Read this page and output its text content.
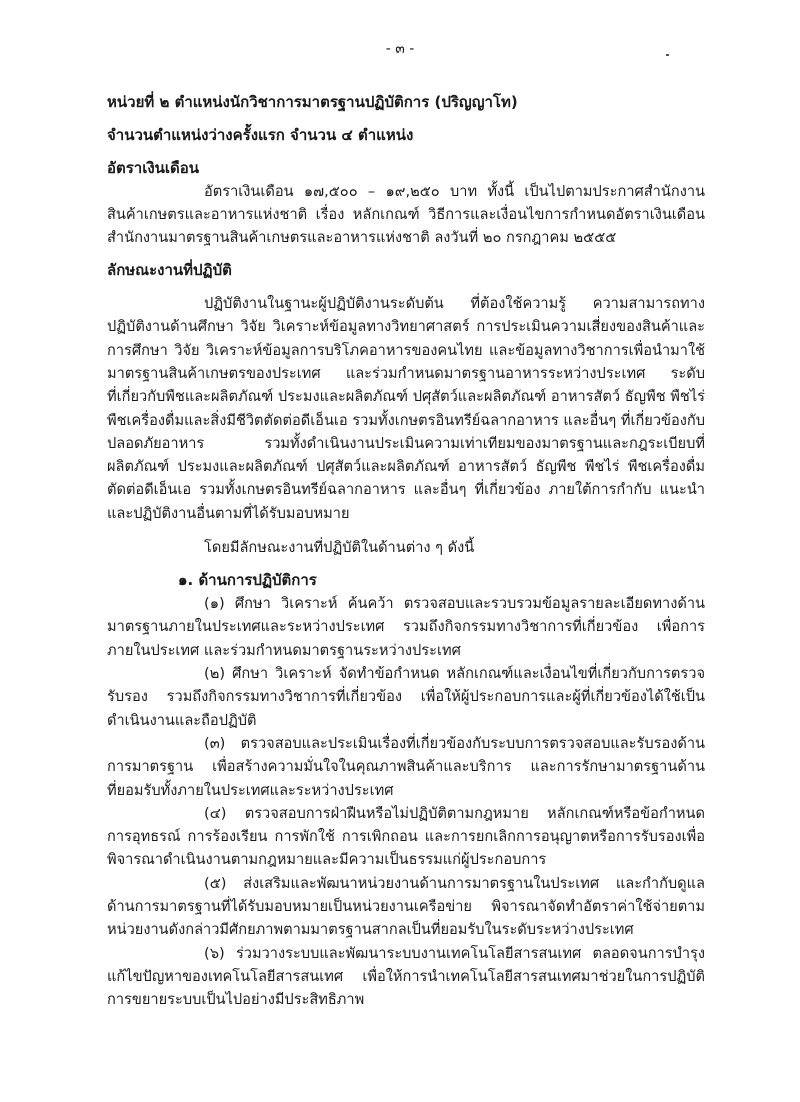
- ๓ -
หน่วยที่ ๒ ตำแหน่งนักวิชาการมาตรฐานปฏิบัติการ (ปริญญาโท)
จำนวนตำแหน่งว่างครั้งแรก จำนวน ๔ ตำแหน่ง
อัตราเงินเดือน
อัตราเงินเดือน ๑๗,๕๐๐ – ๑๙,๒๕๐ บาท ทั้งนี้ เป็นไปตามประกาศสำนักงาน
สินค้าเกษตรและอาหารแห่งชาติ เรื่อง หลักเกณฑ์ วิธีการและเงื่อนไขการกำหนดอัตราเงินเดือน
สำนักงานมาตรฐานสินค้าเกษตรและอาหารแห่งชาติ ลงวันที่ ๒๐ กรกฎาคม ๒๕๕๕
ลักษณะงานที่ปฏิบัติ
ปฏิบัติงานในฐานะผู้ปฏิบัติงานระดับต้น ที่ต้องใช้ความรู้ ความสามารถทาง
ปฏิบัติงานด้านศึกษา วิจัย วิเคราะห์ข้อมูลทางวิทยาศาสตร์ การประเมินความเสี่ยงของสินค้าและ
การศึกษา วิจัย วิเคราะห์ข้อมูลการบริโภคอาหารของคนไทย และข้อมูลทางวิชาการเพื่อนำมาใช้
มาตรฐานสินค้าเกษตรของประเทศ และร่วมกำหนดมาตรฐานอาหารระหว่างประเทศ ระดับ
ที่เกี่ยวกับพืชและผลิตภัณฑ์ ประมงและผลิตภัณฑ์ ปศุสัตว์และผลิตภัณฑ์ อาหารสัตว์ ธัญพืช พืชไร่
พืชเครื่องดื่มและสิ่งมีชีวิตตัดต่อดีเอ็นเอ รวมทั้งเกษตรอินทรีย์ฉลากอาหาร และอื่นๆ ที่เกี่ยวข้องกับ
ปลอดภัยอาหาร รวมทั้งดำเนินงานประเมินความเท่าเทียมของมาตรฐานและกฎระเบียบที่
ผลิตภัณฑ์ ประมงและผลิตภัณฑ์ ปศุสัตว์และผลิตภัณฑ์ อาหารสัตว์ ธัญพืช พืชไร่ พืชเครื่องดื่ม
ตัดต่อดีเอ็นเอ รวมทั้งเกษตรอินทรีย์ฉลากอาหาร และอื่นๆ ที่เกี่ยวข้อง ภายใต้การกำกับ แนะนำ
และปฏิบัติงานอื่นตามที่ได้รับมอบหมาย
โดยมีลักษณะงานที่ปฏิบัติในด้านต่าง ๆ ดังนี้
๑. ด้านการปฏิบัติการ
(๑) ศึกษา วิเคราะห์ ค้นคว้า ตรวจสอบและรวบรวมข้อมูลรายละเอียดทางด้าน
มาตรฐานภายในประเทศและระหว่างประเทศ รวมถึงกิจกรรมทางวิชาการที่เกี่ยวข้อง เพื่อการ
ภายในประเทศ และร่วมกำหนดมาตรฐานระหว่างประเทศ
(๒) ศึกษา วิเคราะห์ จัดทำข้อกำหนด หลักเกณฑ์และเงื่อนไขที่เกี่ยวกับการตรวจ
รับรอง รวมถึงกิจกรรมทางวิชาการที่เกี่ยวข้อง เพื่อให้ผู้ประกอบการและผู้ที่เกี่ยวข้องได้ใช้เป็น
ดำเนินงานและถือปฏิบัติ
(๓) ตรวจสอบและประเมินเรื่องที่เกี่ยวข้องกับระบบการตรวจสอบและรับรองด้าน
การมาตรฐาน เพื่อสร้างความมั่นใจในคุณภาพสินค้าและบริการ และการรักษามาตรฐานด้าน
ที่ยอมรับทั้งภายในประเทศและระหว่างประเทศ
(๔) ตรวจสอบการฝ่าฝืนหรือไม่ปฏิบัติตามกฎหมาย หลักเกณฑ์หรือข้อกำหนด
การอุทธรณ์ การร้องเรียน การพักใช้ การเพิกถอน และการยกเลิกการอนุญาตหรือการรับรองเพื่อ
พิจารณาดำเนินงานตามกฎหมายและมีความเป็นธรรมแก่ผู้ประกอบการ
(๕) ส่งเสริมและพัฒนาหน่วยงานด้านการมาตรฐานในประเทศ และกำกับดูแล
ด้านการมาตรฐานที่ได้รับมอบหมายเป็นหน่วยงานเครือข่าย พิจารณาจัดทำอัตราค่าใช้จ่ายตาม
หน่วยงานดังกล่าวมีศักยภาพตามมาตรฐานสากลเป็นที่ยอมรับในระดับระหว่างประเทศ
(๖) ร่วมวางระบบและพัฒนาระบบงานเทคโนโลยีสารสนเทศ ตลอดจนการบำรุง
แก้ไขปัญหาของเทคโนโลยีสารสนเทศ เพื่อให้การนำเทคโนโลยีสารสนเทศมาช่วยในการปฏิบัติ
การขยายระบบเป็นไปอย่างมีประสิทธิภาพ
